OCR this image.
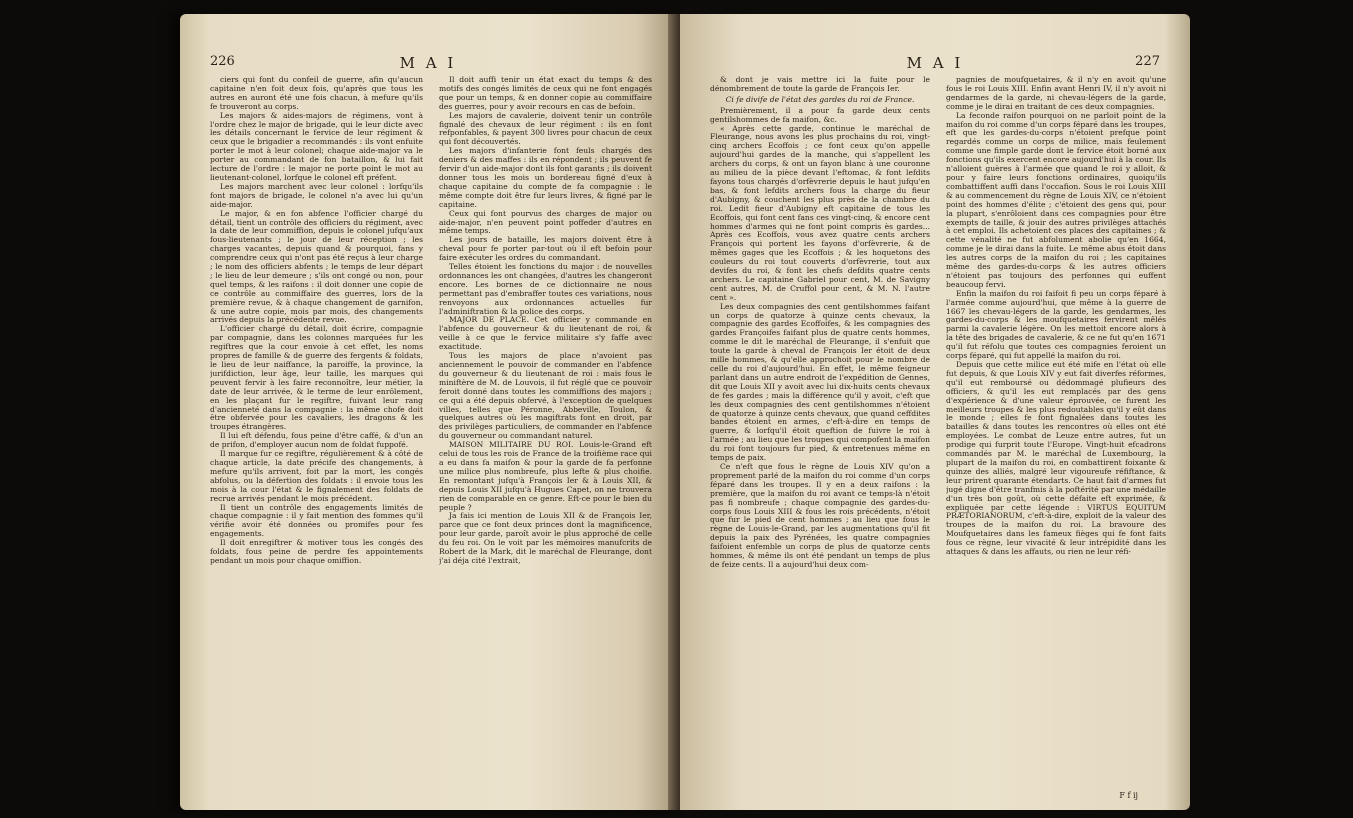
226	M A I

ciers qui font du confeil de guerre, afin qu'aucun capitaine n'en foit deux fois, qu'après que tous les autres en auront été une fois chacun, à mefure qu'ils fe trouveront au corps.

Les majors & aides-majors de régimens, vont à l'ordre chez le major de brigade, qui le leur dicte avec les détails concernant le fervice de leur régiment & ceux que le brigadier a recommandés : ils vont enfuite porter le mot à leur colonel; chaque aide-major va le porter au commandant de fon bataillon, & lui fait lecture de l'ordre : le major ne porte point le mot au lieutenant-colonel, lorfque le colonel eft préfent.

Les majors marchent avec leur colonel : lorfqu'ils font majors de brigade, le colonel n'a avec lui qu'un aide-major.

Le major, & en fon abfence l'officier chargé du détail, tient un contrôle des officiers du régiment, avec la date de leur commiffion, depuis le colonel jufqu'aux fous-lieutenants ; le jour de leur réception ; les charges vacantes, depuis quand & pourquoi, fans y comprendre ceux qui n'ont pas été reçus à leur charge ; le nom des officiers abfents ; le temps de leur départ ; le lieu de leur demeure ; s'ils ont congé ou non, pour quel temps, & les raifons : il doit donner une copie de ce contrôle au commiffaire des guerres, lors de la première revue, & à chaque changement de garnifon, & une autre copie, mois par mois, des changements arrivés depuis la précédente revue.

L'officier chargé du détail, doit écrire, compagnie par compagnie, dans les colonnes marquées fur les regiftres que la cour envoie à cet effet, les noms propres de famille & de guerre des fergents & foldats, le lieu de leur naiffance, la paroiffe, la province, la jurifdiction, leur âge, leur taille, les marques qui peuvent fervir à les faire reconnoître, leur métier, la date de leur arrivée, & le terme de leur enrôlement, en les plaçant fur le regiftre, fuivant leur rang d'ancienneté dans la compagnie : la même chofe doit être obfervée pour les cavaliers, les dragons & les troupes étrangères.

Il lui eft défendu, fous peine d'être caffé, & d'un an de prifon, d'employer aucun nom de foldat fuppofé.

Il marque fur ce regiftre, régulièrement & à côté de chaque article, la date précife des changements, à mefure qu'ils arrivent, foit par la mort, les congés abfolus, ou la défertion des foldats : il envoie tous les mois à la cour l'état & le fignalement des foldats de recrue arrivés pendant le mois précédent.

Il tient un contrôle des engagements limités de chaque compagnie : il y fait mention des fommes qu'il vérifie avoir été données ou promifes pour fes engagements.

Il doit enregiftrer & motiver tous les congés des foldats, fous peine de perdre fes appointements pendant un mois pour chaque omiffion.

Il doit auffi tenir un état exact du temps & des motifs des congés limités de ceux qui ne font engagés que pour un temps, & en donner copie au commiffaire des guerres, pour y avoir recours en cas de befoin.

Les majors de cavalerie, doivent tenir un contrôle fignalé des chevaux de leur régiment : ils en font refponfables, & payent 300 livres pour chacun de ceux qui font découvertés.

Les majors d'infanterie font feuls chargés des deniers & des maffes : ils en répondent ; ils peuvent fe fervir d'un aide-major dont ils font garants ; ils doivent donner tous les mois un bordereau figné d'eux à chaque capitaine du compte de fa compagnie : le même compte doit être fur leurs livres, & figné par le capitaine.

Ceux qui font pourvus des charges de major ou aide-major, n'en peuvent point poffeder d'autres en même temps.

Les jours de bataille, les majors doivent être à cheval pour fe porter par-tout où il eft befoin pour faire exécuter les ordres du commandant.

Telles étoient les fonctions du major : de nouvelles ordonnances les ont changées, d'autres les changeront encore. Les bornes de ce dictionnaire ne nous permettant pas d'embraffer toutes ces variations, nous renvoyons aux ordonnances actuelles fur l'adminiftration & la police des corps.

MAJOR DE PLACE. Cet officier y commande en l'abfence du gouverneur & du lieutenant de roi, & veille à ce que le fervice militaire s'y faffe avec exactitude.

Tous les majors de place n'avoient pas anciennement le pouvoir de commander en l'abfence du gouverneur & du lieutenant de roi : mais fous le miniftère de M. de Louvois, il fut réglé que ce pouvoir feroit donné dans toutes les commiffions des majors ; ce qui a été depuis obfervé, à l'exception de quelques villes, telles que Péronne, Abbeville, Toulon, & quelques autres où les magiftrats font en droit, par des privilèges particuliers, de commander en l'abfence du gouverneur ou commandant naturel.

MAISON MILITAIRE DU ROI. Louis-le-Grand eft celui de tous les rois de France de la troifième race qui a eu dans fa maifon & pour la garde de fa perfonne une milice plus nombreufe, plus lefte & plus choifie. En remontant jufqu'à François Ier & à Louis XII, & depuis Louis XII jufqu'à Hugues Capet, on ne trouvera rien de comparable en ce genre. Eft-ce pour le bien du peuple ?

Ja fais ici mention de Louis XII & de François Ier, parce que ce font deux princes dont la magnificence, pour leur garde, paroît avoir le plus approché de celle du feu roi. On le voit par les mémoires manufcrits de Robert de la Mark, dit le maréchal de Fleurange, dont j'ai déja cité l'extrait,

M A I	227

& dont je vais mettre ici la fuite pour le dénombrement de toute la garde de François Ier.

Ci fe divife de l'état des gardes du roi de France.

Premièrement, il a pour fa garde deux cents gentilshommes de fa maifon, &c.

« Après cette garde, continue le maréchal de Fleurange, nous avons les plus prochains du roi, vingt-cinq archers Ecoffois ; ce font ceux qu'on appelle aujourd'hui gardes de la manche, qui s'appellent les archers du corps, & ont un fayon blanc à une couronne au milieu de la pièce devant l'eftomac, & font lefdits fayons tous chargés d'orfèvrerie depuis le haut jufqu'en bas, & font lefdits archers fous la charge du fieur d'Aubigny, & couchent les plus près de la chambre du roi. Ledit fieur d'Aubigny eft capitaine de tous les Ecoffois, qui font cent fans ces vingt-cinq, & encore cent hommes d'armes qui ne font point compris ès gardes... Après ces Ecoffois, vous avez quatre cents archers François qui portent les fayons d'orfèvrerie, & de mêmes gages que les Ecoffois ; & les hoquetons des couleurs du roi tout couverts d'orfèvrerie, tout aux devifes du roi, & font les chefs defdits quatre cents archers. Le capitaine Gabriel pour cent, M. de Savigny cent autres, M. de Cruffol pour cent, & M. N. l'autre cent ».

Les deux compagnies des cent gentilshommes faifant un corps de quatorze à quinze cents chevaux, la compagnie des gardes Ecoffoifes, & les compagnies des gardes Françoifes faifant plus de quatre cents hommes, comme le dit le maréchal de Fleurange, il s'enfuit que toute la garde à cheval de François Ier étoit de deux mille hommes, & qu'elle approchoit pour le nombre de celle du roi d'aujourd'hui. En effet, le même feigneur parlant dans un autre endroit de l'expédition de Gennes, dit que Louis XII y avoit avec lui dix-huits cents chevaux de fes gardes ; mais la différence qu'il y avoit, c'eft que les deux compagnies des cent gentilshommes n'étoient de quatorze à quinze cents chevaux, que quand ceffdites bandes étoient en armes, c'eft-à-dire en temps de guerre, & lorfqu'il étoit queftion de fuivre le roi à l'armée ; au lieu que les troupes qui compofent la maifon du roi font toujours fur pied, & entretenues même en temps de paix.

Ce n'eft que fous le règne de Louis XIV qu'on a proprement parlé de la maifon du roi comme d'un corps féparé dans les troupes. Il y en a deux raifons : la première, que la maifon du roi avant ce temps-là n'étoit pas fi nombreufe ; chaque compagnie des gardes-du-corps fous Louis XIII & fous les rois précédents, n'étoit que fur le pied de cent hommes ; au lieu que fous le règne de Louis-le-Grand, par les augmentations qu'il fit depuis la paix des Pyrénées, les quatre compagnies faifoient enfemble un corps de plus de quatorze cents hommes, & même ils ont été pendant un temps de plus de feize cents. Il a aujourd'hui deux com-

pagnies de moufquetaires, & il n'y en avoit qu'une fous le roi Louis XIII. Enfin avant Henri IV, il n'y avoit ni gendarmes de la garde, ni chevau-légers de la garde, comme je le dirai en traitant de ces deux compagnies.

La feconde raifon pourquoi on ne parloit point de la maifon du roi comme d'un corps féparé dans les troupes, eft que les gardes-du-corps n'étoient prefque point regardés comme un corps de milice, mais feulement comme une fimple garde dont le fervice étoit borné aux fonctions qu'ils exercent encore aujourd'hui à la cour. Ils n'alloient guères à l'armée que quand le roi y alloit, & pour y faire leurs fonctions ordinaires, quoiqu'ils combattiffent auffi dans l'occafion. Sous le roi Louis XIII & au commencement du règne de Louis XIV, ce n'étoient point des hommes d'élite ; c'étoient des gens qui, pour la plupart, s'enrôloient dans ces compagnies pour être exempts de taille, & jouir des autres privilèges attachés à cet emploi. Ils achetoient ces places des capitaines ; & cette vénalité ne fut abfolument abolie qu'en 1664, comme je le dirai dans la fuite. Le même abus étoit dans les autres corps de la maifon du roi ; les capitaines même des gardes-du-corps & les autres officiers n'étoient pas toujours des perfonnes qui euffent beaucoup fervi.

Enfin la maifon du roi faifoit fi peu un corps féparé à l'armée comme aujourd'hui, que même à la guerre de 1667 les chevau-légers de la garde, les gendarmes, les gardes-du-corps & les moufquetaires fervirent mêlés parmi la cavalerie légère. On les mettoit encore alors à la tête des brigades de cavalerie, & ce ne fut qu'en 1671 qu'il fut réfolu que toutes ces compagnies feroient un corps féparé, qui fut appellé la maifon du roi.

Depuis que cette milice eut été mife en l'état où elle fut depuis, & que Louis XIV y eut fait diverfes réformes, qu'il eut remboursé ou dédommagé plufieurs des officiers, & qu'il les eut remplacés par des gens d'expérience & d'une valeur éprouvée, ce furent les meilleurs troupes & les plus redoutables qu'il y eût dans le monde ; elles fe font fignalées dans toutes les batailles & dans toutes les rencontres où elles ont été employées. Le combat de Leuze entre autres, fut un prodige qui furprit toute l'Europe. Vingt-huit efcadrons commandés par M. le maréchal de Luxembourg, la plupart de la maifon du roi, en combattirent foixante & quinze des alliés, malgré leur vigoureufe réfiftance, & leur prirent quarante étendarts. Ce haut fait d'armes fut jugé digne d'être tranfmis à la poftérité par une médaille d'un très bon goût, où cette défaite eft exprimée, & expliquée par cette légende : VIRTUS EQUITUM PRÆTORIANORUM, c'eft-à-dire, exploit de la valeur des troupes de la maifon du roi. La bravoure des Moufquetaires dans les fameux fièges qui fe font faits fous ce règne, leur vivacité & leur intrépidité dans les attaques & dans les affauts, ou rien ne leur réfi-

F f ij
